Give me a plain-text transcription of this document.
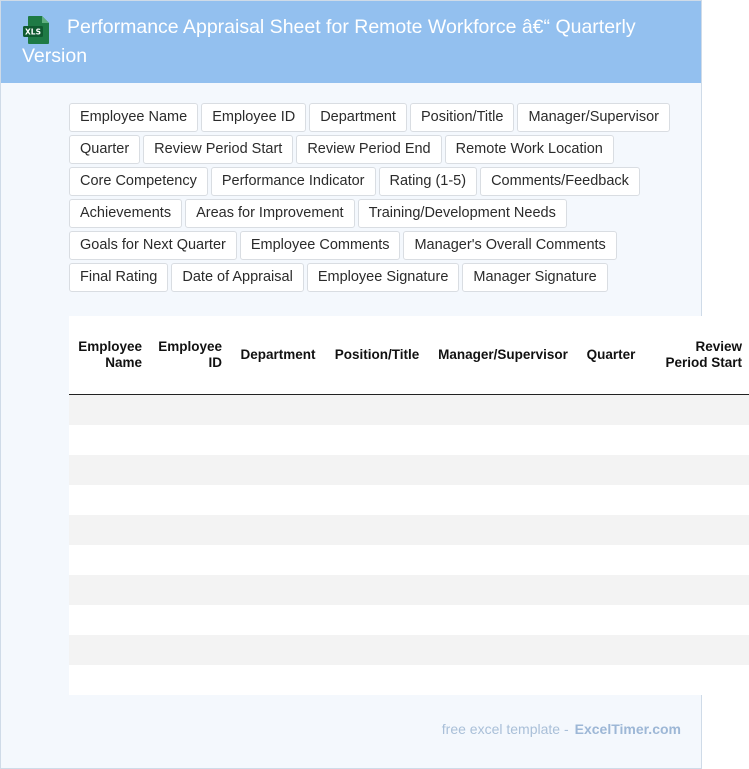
XLS	Performance Appraisal Sheet for Remote Workforce â€“ Quarterly Version
Employee Name	Employee ID	Department	Position/Title	Manager/Supervisor
Quarter	Review Period Start	Review Period End	Remote Work Location
Core Competency	Performance Indicator	Rating (1-5)	Comments/Feedback
Achievements	Areas for Improvement	Training/Development Needs
Goals for Next Quarter	Employee Comments	Manager's Overall Comments
Final Rating	Date of Appraisal	Employee Signature	Manager Signature
Employee Name	Employee ID	Department	Position/Title	Manager/Supervisor	Quarter	Review Period Start

free excel template - ExcelTimer.com
